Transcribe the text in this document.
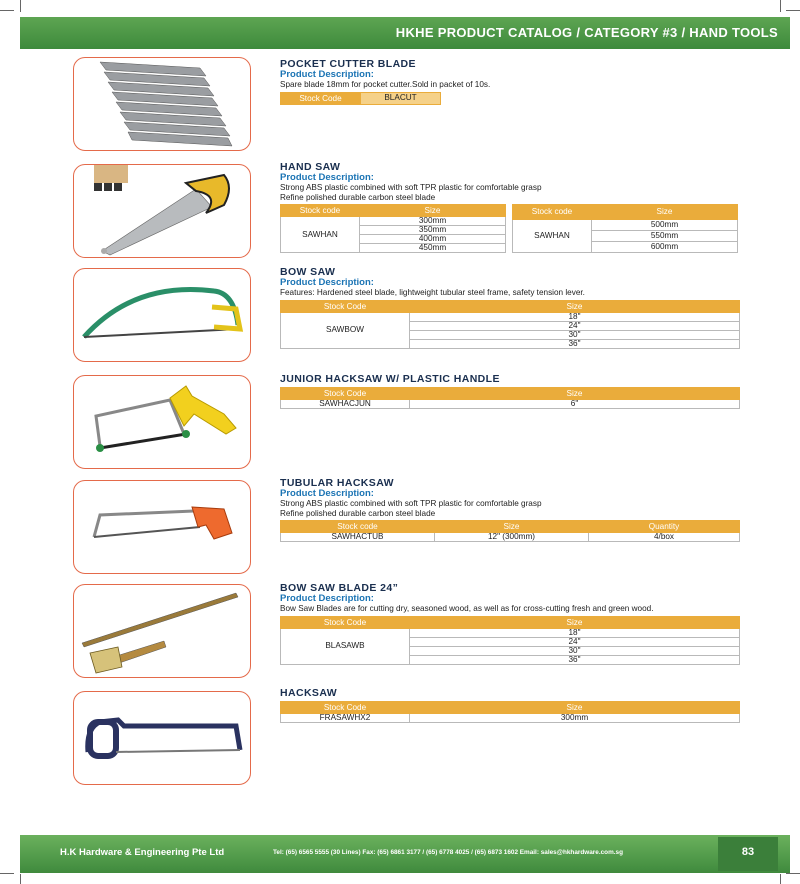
HKHE PRODUCT CATALOG / CATEGORY #3 / HAND TOOLS
POCKET CUTTER BLADE
Product Description:
Spare blade 18mm for pocket cutter.Sold in packet of 10s.
Stock Code	BLACUT
HAND SAW
Product Description:
Strong ABS plastic combined with soft TPR plastic for comfortable grasp
Refine polished durable carbon steel blade
Stock code	Size
SAWHAN	300mm
	350mm
	400mm
	450mm
Stock code	Size
SAWHAN	500mm
	550mm
	600mm
BOW SAW
Product Description:
Features: Hardened steel blade, lightweight tubular steel frame, safety tension lever.
Stock Code	Size
SAWBOW	18"
	24"
	30"
	36"
JUNIOR HACKSAW W/ PLASTIC HANDLE
Stock Code	Size
SAWHACJUN	6"
TUBULAR HACKSAW
Product Description:
Strong ABS plastic combined with soft TPR plastic for comfortable grasp
Refine polished durable carbon steel blade
Stock code	Size	Quantity
SAWHACTUB	12" (300mm)	4/box
BOW SAW BLADE 24”
Product Description:
Bow Saw Blades are for cutting dry, seasoned wood, as well as for cross-cutting fresh and green wood.
Stock Code	Size
BLASAWB	18"
	24"
	30"
	36"
HACKSAW
Stock Code	Size
FRASAWHX2	300mm
H.K Hardware & Engineering Pte Ltd	Tel: (65) 6565 5555 (30 Lines) Fax: (65) 6861 3177 / (65) 6778 4025 / (65) 6873 1602 Email: sales@hkhardware.com.sg	83
